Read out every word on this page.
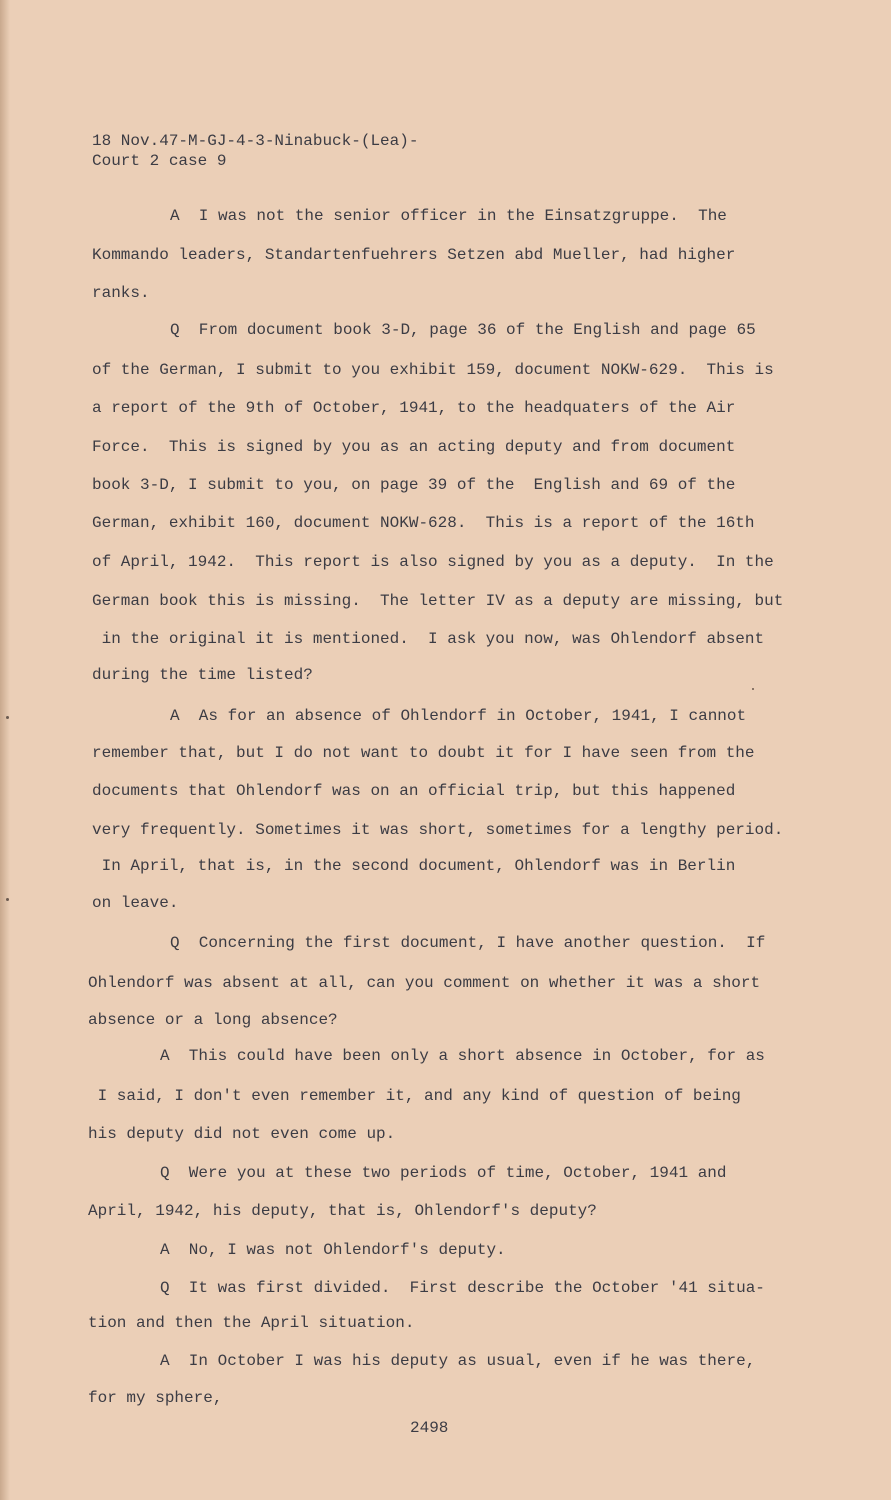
18 Nov.47-M-GJ-4-3-Ninabuck-(Lea)-
Court 2 case 9
A  I was not the senior officer in the Einsatzgruppe.  The
Kommando leaders, Standartenfuehrers Setzen abd Mueller, had higher
ranks.
Q  From document book 3-D, page 36 of the English and page 65
of the German, I submit to you exhibit 159, document NOKW-629.  This is
a report of the 9th of October, 1941, to the headquaters of the Air
Force.  This is signed by you as an acting deputy and from document
book 3-D, I submit to you, on page 39 of the  English and 69 of the
German, exhibit 160, document NOKW-628.  This is a report of the 16th
of April, 1942.  This report is also signed by you as a deputy.  In the
German book this is missing.  The letter IV as a deputy are missing, but
in the original it is mentioned.  I ask you now, was Ohlendorf absent
during the time listed?
A  As for an absence of Ohlendorf in October, 1941, I cannot
remember that, but I do not want to doubt it for I have seen from the
documents that Ohlendorf was on an official trip, but this happened
very frequently. Sometimes it was short, sometimes for a lengthy period.
In April, that is, in the second document, Ohlendorf was in Berlin
on leave.
Q  Concerning the first document, I have another question.  If
Ohlendorf was absent at all, can you comment on whether it was a short
absence or a long absence?
A  This could have been only a short absence in October, for as
I said, I don't even remember it, and any kind of question of being
his deputy did not even come up.
Q  Were you at these two periods of time, October, 1941 and
April, 1942, his deputy, that is, Ohlendorf's deputy?
A  No, I was not Ohlendorf's deputy.
Q  It was first divided.  First describe the October '41 situa-
tion and then the April situation.
A  In October I was his deputy as usual, even if he was there,
for my sphere,
2498
